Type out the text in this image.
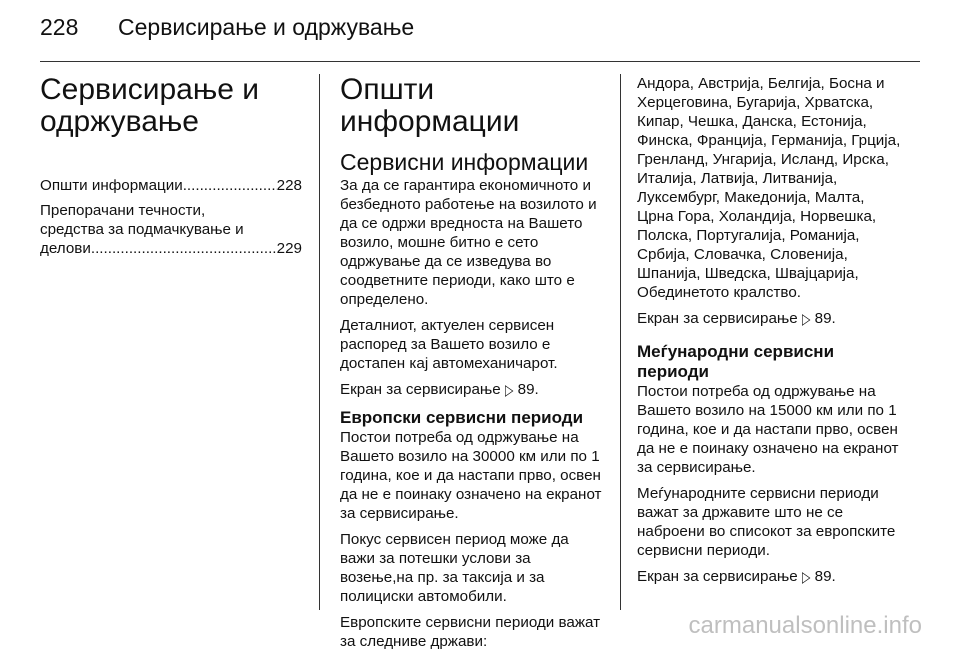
228 Сервисирање и одржување
Сервисирање и одржување
Општи информации .....	228
Препорачани течности,
средства за подмачкување и
делови .....	229
Општи информации
Сервисни информации

За да се гарантира економичното и безбедното работење на возилото и да се одржи вредноста на Вашето возило, мошне битно е сето одржување да се изведува во соодветните периоди, како што е определено.

Деталниот, актуелен сервисен распоред за Вашето возило е достапен кај автомеханичарот.

Екран за сервисирање ▷ 89.

Европски сервисни периоди

Постои потреба од одржување на Вашето возило на 30000 км или по 1 година, кое и да настапи прво, освен да не е поинаку означено на екранот за сервисирање.

Покус сервисен период може да важи за потешки услови за возење,на пр. за таксија и за полициски автомобили.

Европските сервисни периоди важат за следниве држави:

Андора, Австрија, Белгија, Босна и Херцеговина, Бугарија, Хрватска, Кипар, Чешка, Данска, Естонија, Финска, Франција, Германија, Грција, Гренланд, Унгарија, Исланд, Ирска, Италија, Латвија, Литванија, Луксембург, Македонија, Малта, Црна Гора, Холандија, Норвешка, Полска, Португалија, Романија, Србија, Словачка, Словенија, Шпанија, Шведска, Швајцарија, Обединетото кралство.

Екран за сервисирање ▷ 89.

Меѓународни сервисни периоди

Постои потреба од одржување на Вашето возило на 15000 км или по 1 година, кое и да настапи прво, освен да не е поинаку означено на екранот за сервисирање.

Меѓународните сервисни периоди важат за државите што не се наброени во списокот за европските сервисни периоди.

Екран за сервисирање ▷ 89.

carmanualsonline.info
